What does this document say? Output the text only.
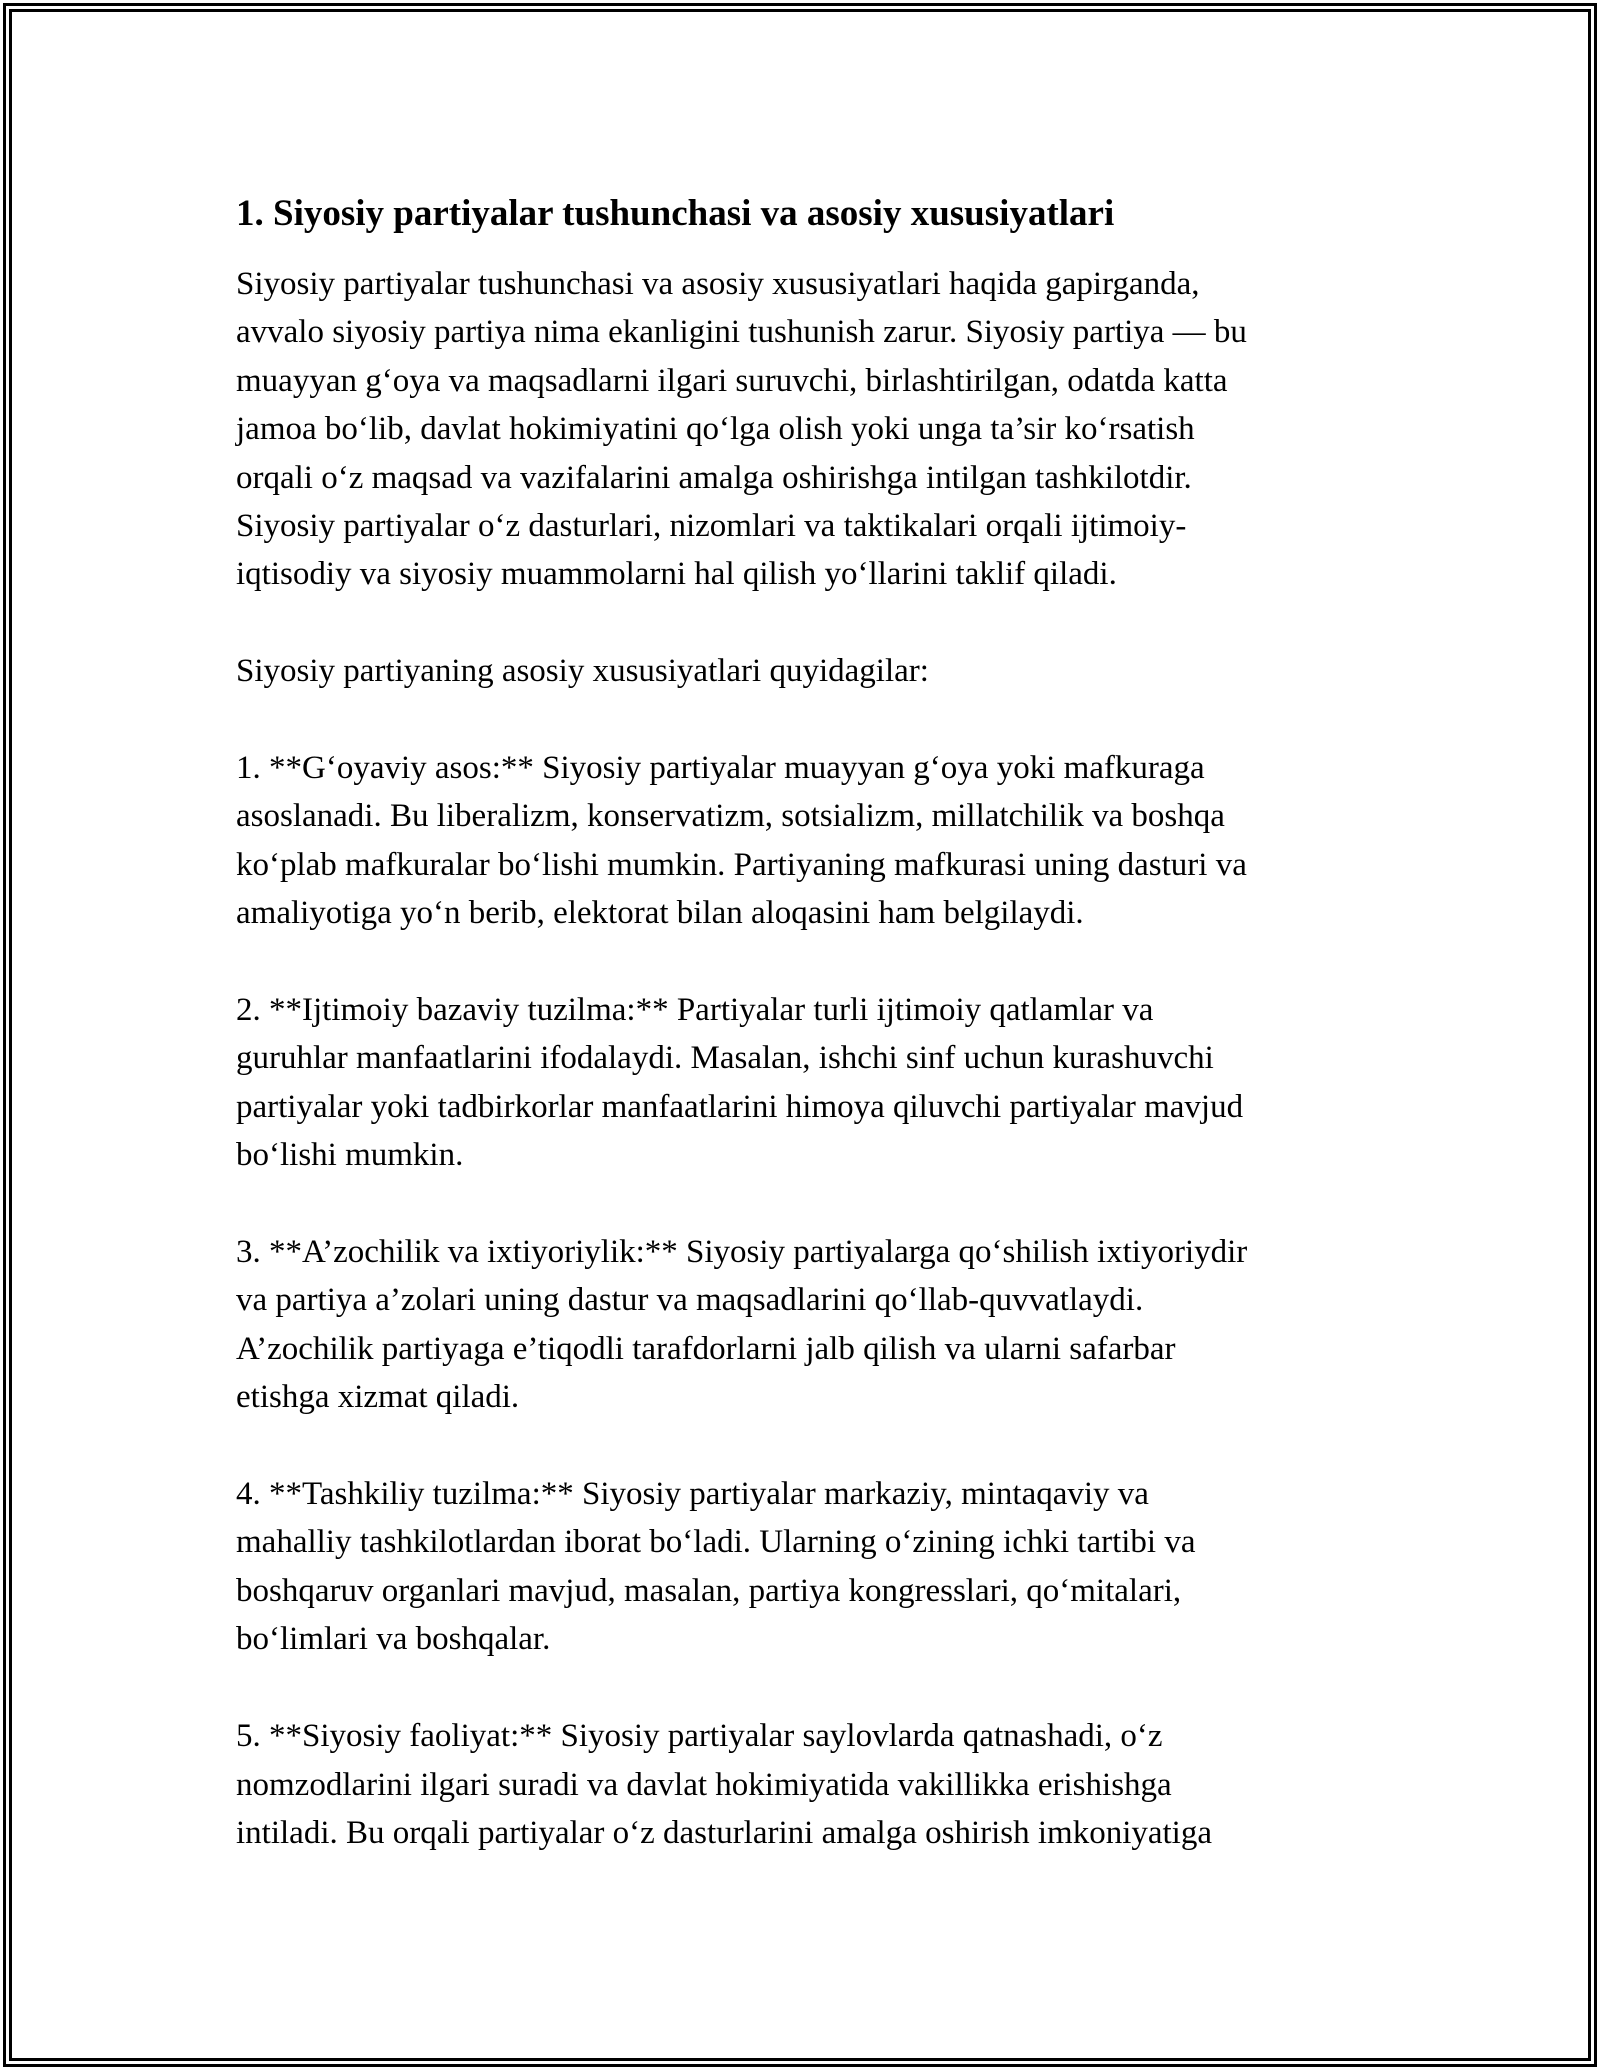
1. Siyosiy partiyalar tushunchasi va asosiy xususiyatlari

Siyosiy partiyalar tushunchasi va asosiy xususiyatlari haqida gapirganda,
avvalo siyosiy partiya nima ekanligini tushunish zarur. Siyosiy partiya — bu
muayyan g‘oya va maqsadlarni ilgari suruvchi, birlashtirilgan, odatda katta
jamoa bo‘lib, davlat hokimiyatini qo‘lga olish yoki unga ta’sir ko‘rsatish
orqali o‘z maqsad va vazifalarini amalga oshirishga intilgan tashkilotdir.
Siyosiy partiyalar o‘z dasturlari, nizomlari va taktikalari orqali ijtimoiy-
iqtisodiy va siyosiy muammolarni hal qilish yo‘llarini taklif qiladi.

Siyosiy partiyaning asosiy xususiyatlari quyidagilar:

1. **G‘oyaviy asos:** Siyosiy partiyalar muayyan g‘oya yoki mafkuraga
asoslanadi. Bu liberalizm, konservatizm, sotsializm, millatchilik va boshqa
ko‘plab mafkuralar bo‘lishi mumkin. Partiyaning mafkurasi uning dasturi va
amaliyotiga yo‘n berib, elektorat bilan aloqasini ham belgilaydi.

2. **Ijtimoiy bazaviy tuzilma:** Partiyalar turli ijtimoiy qatlamlar va
guruhlar manfaatlarini ifodalaydi. Masalan, ishchi sinf uchun kurashuvchi
partiyalar yoki tadbirkorlar manfaatlarini himoya qiluvchi partiyalar mavjud
bo‘lishi mumkin.

3. **A’zochilik va ixtiyoriylik:** Siyosiy partiyalarga qo‘shilish ixtiyoriydir
va partiya a’zolari uning dastur va maqsadlarini qo‘llab-quvvatlaydi.
A’zochilik partiyaga e’tiqodli tarafdorlarni jalb qilish va ularni safarbar
etishga xizmat qiladi.

4. **Tashkiliy tuzilma:** Siyosiy partiyalar markaziy, mintaqaviy va
mahalliy tashkilotlardan iborat bo‘ladi. Ularning o‘zining ichki tartibi va
boshqaruv organlari mavjud, masalan, partiya kongresslari, qo‘mitalari,
bo‘limlari va boshqalar.

5. **Siyosiy faoliyat:** Siyosiy partiyalar saylovlarda qatnashadi, o‘z
nomzodlarini ilgari suradi va davlat hokimiyatida vakillikka erishishga
intiladi. Bu orqali partiyalar o‘z dasturlarini amalga oshirish imkoniyatiga
